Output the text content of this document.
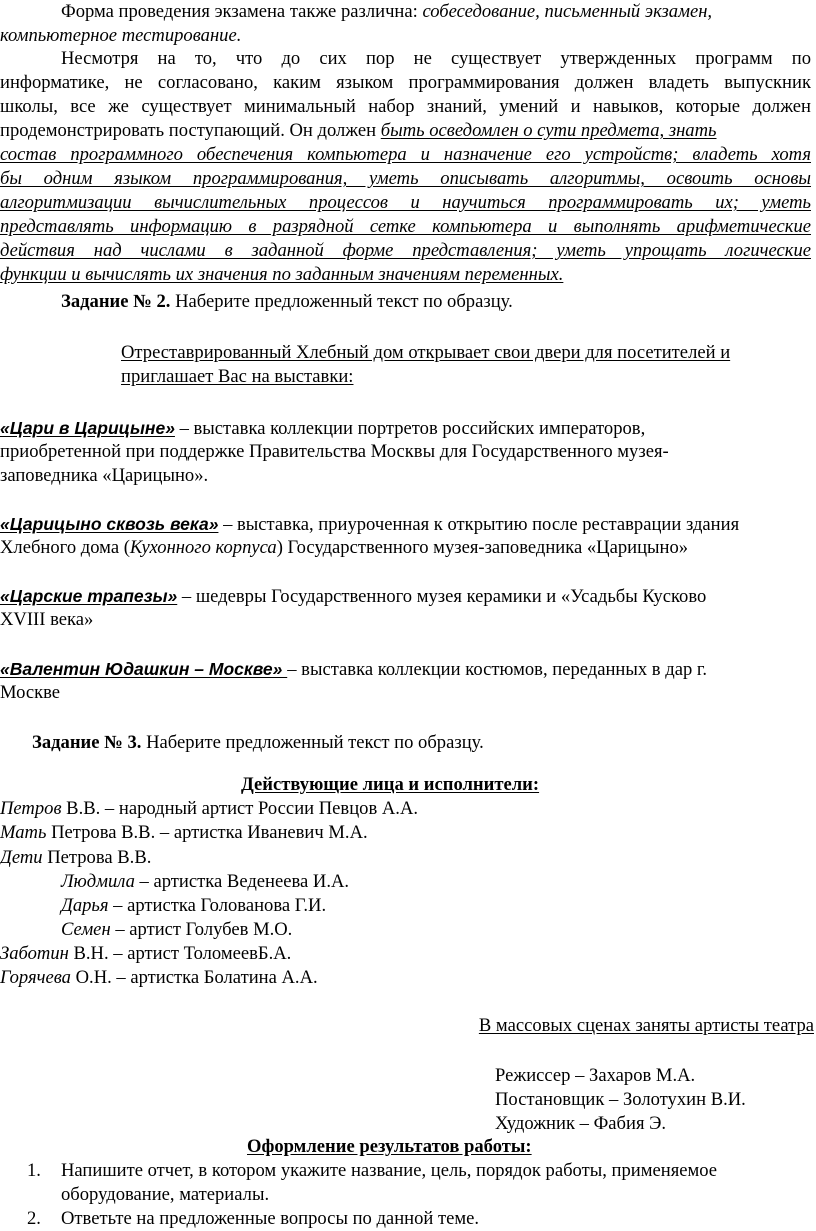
Форма проведения экзамена также различна: собеседование, письменный экзамен,
компьютерное тестирование.
Несмотря на то, что до сих пор не существует утвержденных программ по
информатике, не согласовано, каким языком программирования должен владеть выпускник
школы, все же существует минимальный набор знаний, умений и навыков, которые должен
продемонстрировать поступающий. Он должен быть осведомлен о сути предмета, знать
состав программного обеспечения компьютера и назначение его устройств; владеть хотя
бы одним языком программирования, уметь описывать алгоритмы, освоить основы
алгоритмизации вычислительных процессов и научиться программировать их; уметь
представлять информацию в разрядной сетке компьютера и выполнять арифметические
действия над числами в заданной форме представления; уметь упрощать логические
функции и вычислять их значения по заданным значениям переменных.
Задание № 2. Наберите предложенный текст по образцу.
Отреставрированный Хлебный дом открывает свои двери для посетителей и
приглашает Вас на выставки:
«Цари в Царицыне» – выставка коллекции портретов российских императоров,
приобретенной при поддержке Правительства Москвы для Государственного музея-
заповедника «Царицыно».
«Царицыно сквозь века» – выставка, приуроченная к открытию после реставрации здания
Хлебного дома (Кухонного корпуса) Государственного музея-заповедника «Царицыно»
«Царские трапезы» – шедевры Государственного музея керамики и «Усадьбы Кусково
XVIII века»
«Валентин Юдашкин – Москве» – выставка коллекции костюмов, переданных в дар г.
Москве
Задание № 3. Наберите предложенный текст по образцу.
Действующие лица и исполнители:
Петров В.В. – народный артист России Певцов А.А.
Мать Петрова В.В. – артистка Иваневич М.А.
Дети Петрова В.В.
Людмила – артистка Веденеева И.А.
Дарья – артистка Голованова Г.И.
Семен – артист Голубев М.О.
Заботин В.Н. – артист ТоломеевБ.А.
Горячева О.Н. – артистка Болатина А.А.
В массовых сценах заняты артисты театра
Режиссер – Захаров М.А.
Постановщик – Золотухин В.И.
Художник – Фабия Э.
Оформление результатов работы:
1. Напишите отчет, в котором укажите название, цель, порядок работы, применяемое
оборудование, материалы.
2. Ответьте на предложенные вопросы по данной теме.
